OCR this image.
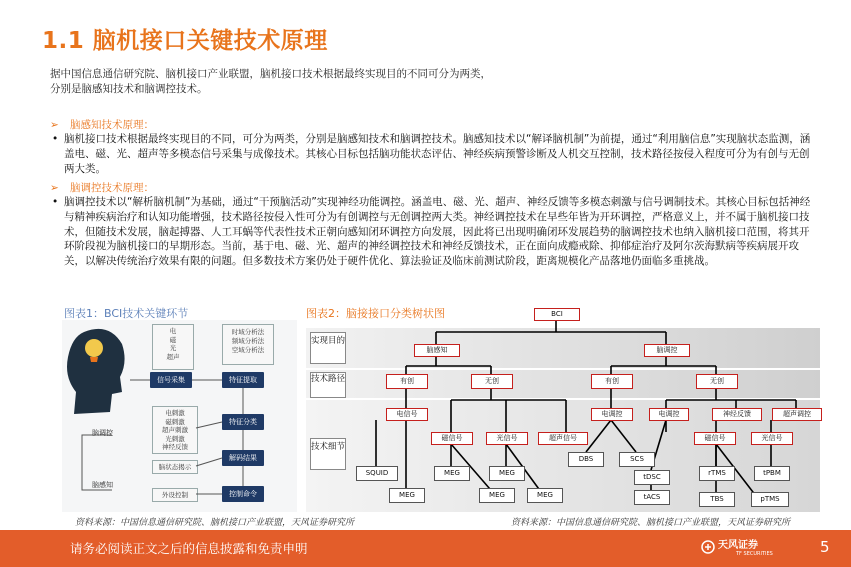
1.1 脑机接口关键技术原理
据中国信息通信研究院、脑机接口产业联盟，脑机接口技术根据最终实现目的不同可分为两类，
分别是脑感知技术和脑调控技术。
➢ 脑感知技术原理：
• 脑机接口技术根据最终实现目的不同，可分为两类，分别是脑感知技术和脑调控技术。脑感知技术以“解译脑机制”为前提，通过“利用脑信息”实现脑状态监测，涵盖电、磁、光、超声等多模态信号采集与成像技术。其核心目标包括脑功能状态评估、神经疾病预警诊断及人机交互控制，技术路径按侵入程度可分为有创与无创两大类。
➢ 脑调控技术原理：
• 脑调控技术以“解析脑机制”为基础，通过“干预脑活动”实现神经功能调控。涵盖电、磁、光、超声、神经反馈等多模态刺激与信号调制技术。其核心目标包括神经与精神疾病治疗和认知功能增强，技术路径按侵入性可分为有创调控与无创调控两大类。神经调控技术在早些年皆为开环调控，严格意义上，并不属于脑机接口技术，但随技术发展，脑起搏器、人工耳蜗等代表性技术正朝向感知闭环调控方向发展，因此将已出现明确闭环发展趋势的脑调控技术也纳入脑机接口范围，将其开环阶段视为脑机接口的早期形态。当前，基于电、磁、光、超声的神经调控技术和神经反馈技术，正在面向成瘾戒除、抑郁症治疗及阿尔茨海默病等疾病展开攻关，以解决传统治疗效果有限的问题。但多数技术方案仍处于硬件优化、算法验证及临床前测试阶段，距离规模化产品落地仍面临多重挑战。
图表1：BCI技术关键环节
电
磁
光
超声
时域分析法
频域分析法
空域分析法
信号采集	特征提取
特征分类
解码结果
控制命令
电刺激
磁刺激
超声刺激
光刺激
神经反馈
脑状态揭示
外设控制
脑调控
脑感知
图表2：脑接接口分类树状图
实现目的
技术路径
技术细节
BCI
脑感知	脑调控
有创	无创	有创	无创
电信号
磁信号	光信号	超声信号
SQUID	MEG	MEG
MEG	MEG	MEG
电调控
DBS	SCS
电调控	神经反馈	超声调控
磁信号	光信号
tDSC
tACS
rTMS
TBS	pTMS
tPBM
资料来源：中国信息通信研究院、脑机接口产业联盟，天风证券研究所	资料来源：中国信息通信研究院、脑机接口产业联盟，天风证券研究所
请务必阅读正文之后的信息披露和免责申明	天风证券
TF SECURITIES	5
